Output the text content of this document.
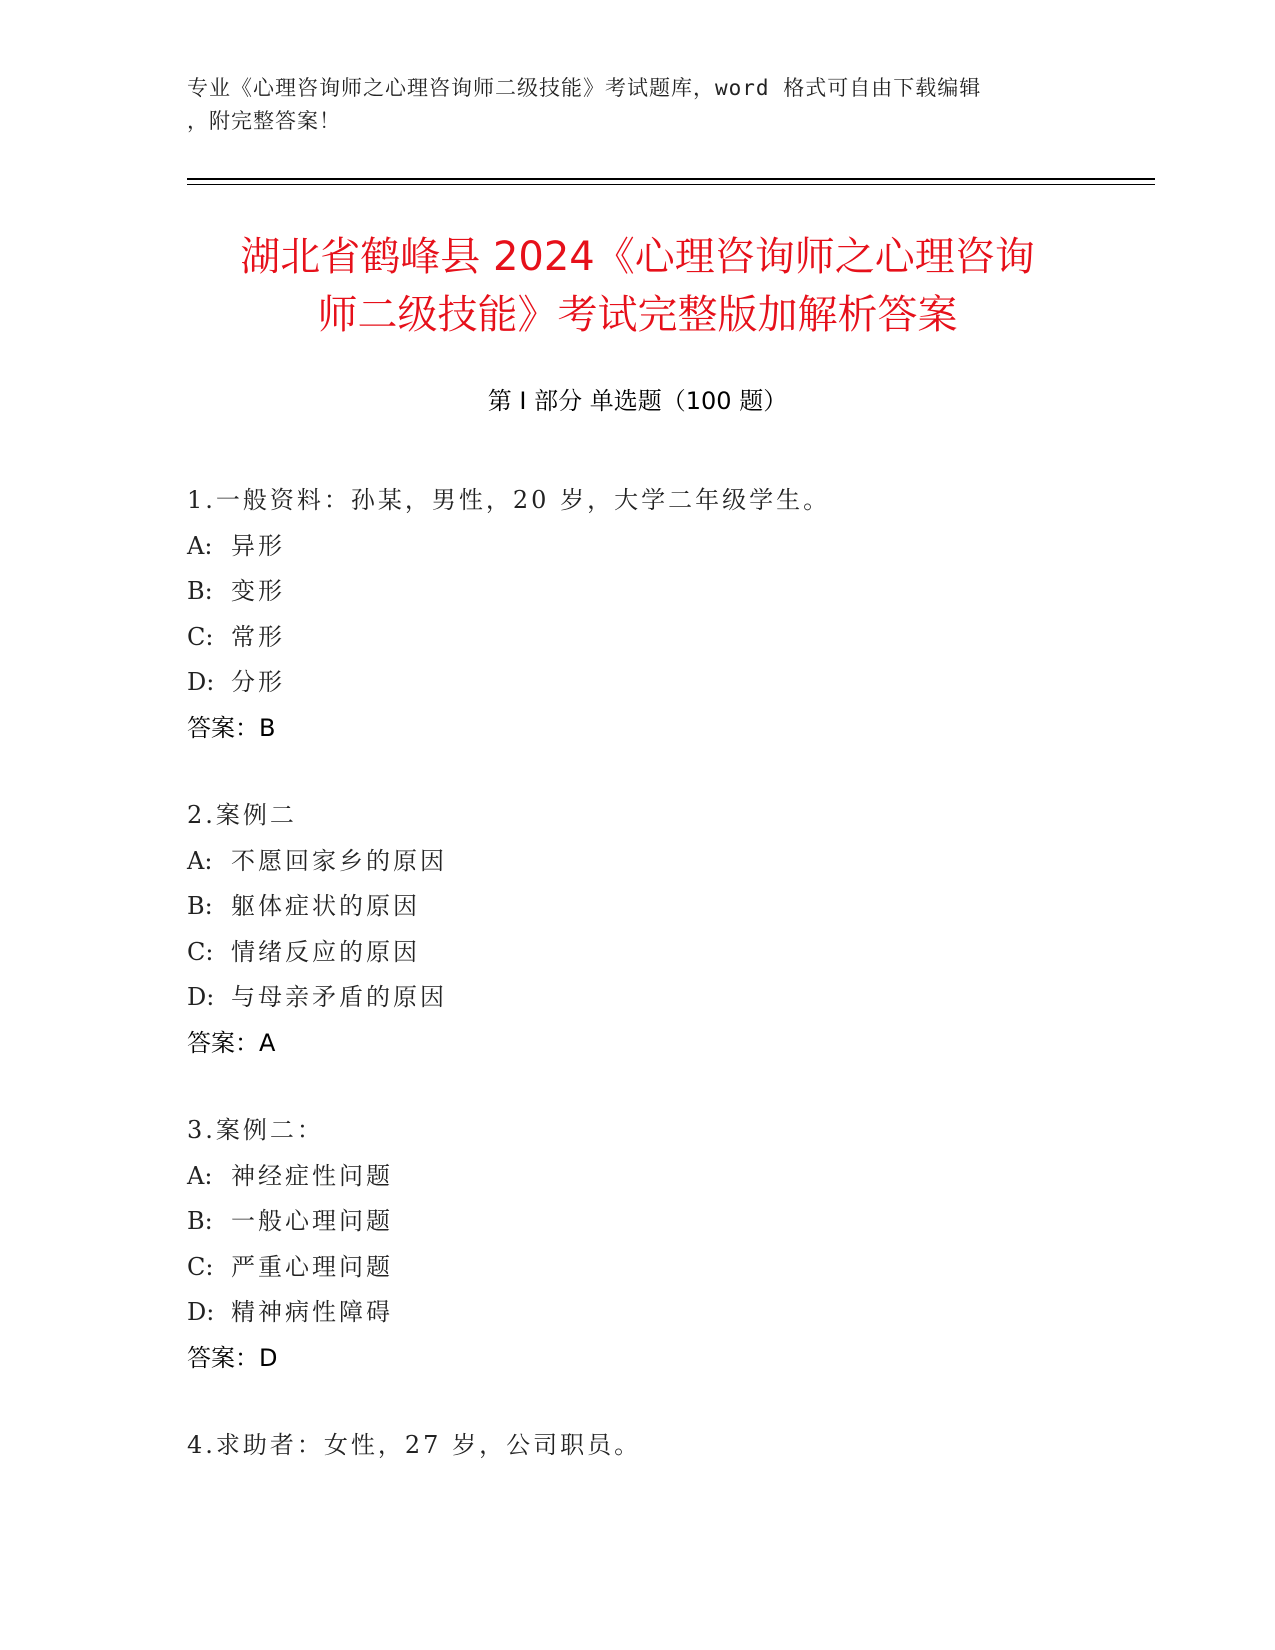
专业《心理咨询师之心理咨询师二级技能》考试题库，word 格式可自由下载编辑
，附完整答案！
湖北省鹤峰县 2024《心理咨询师之心理咨询
师二级技能》考试完整版加解析答案
第 I 部分 单选题（100 题）
1.一般资料：孙某，男性，20 岁，大学二年级学生。
A: 异形
B: 变形
C: 常形
D: 分形
答案：B
2.案例二
A: 不愿回家乡的原因
B: 躯体症状的原因
C: 情绪反应的原因
D: 与母亲矛盾的原因
答案：A
3.案例二：
A: 神经症性问题
B: 一般心理问题
C: 严重心理问题
D: 精神病性障碍
答案：D
4.求助者：女性，27 岁，公司职员。
